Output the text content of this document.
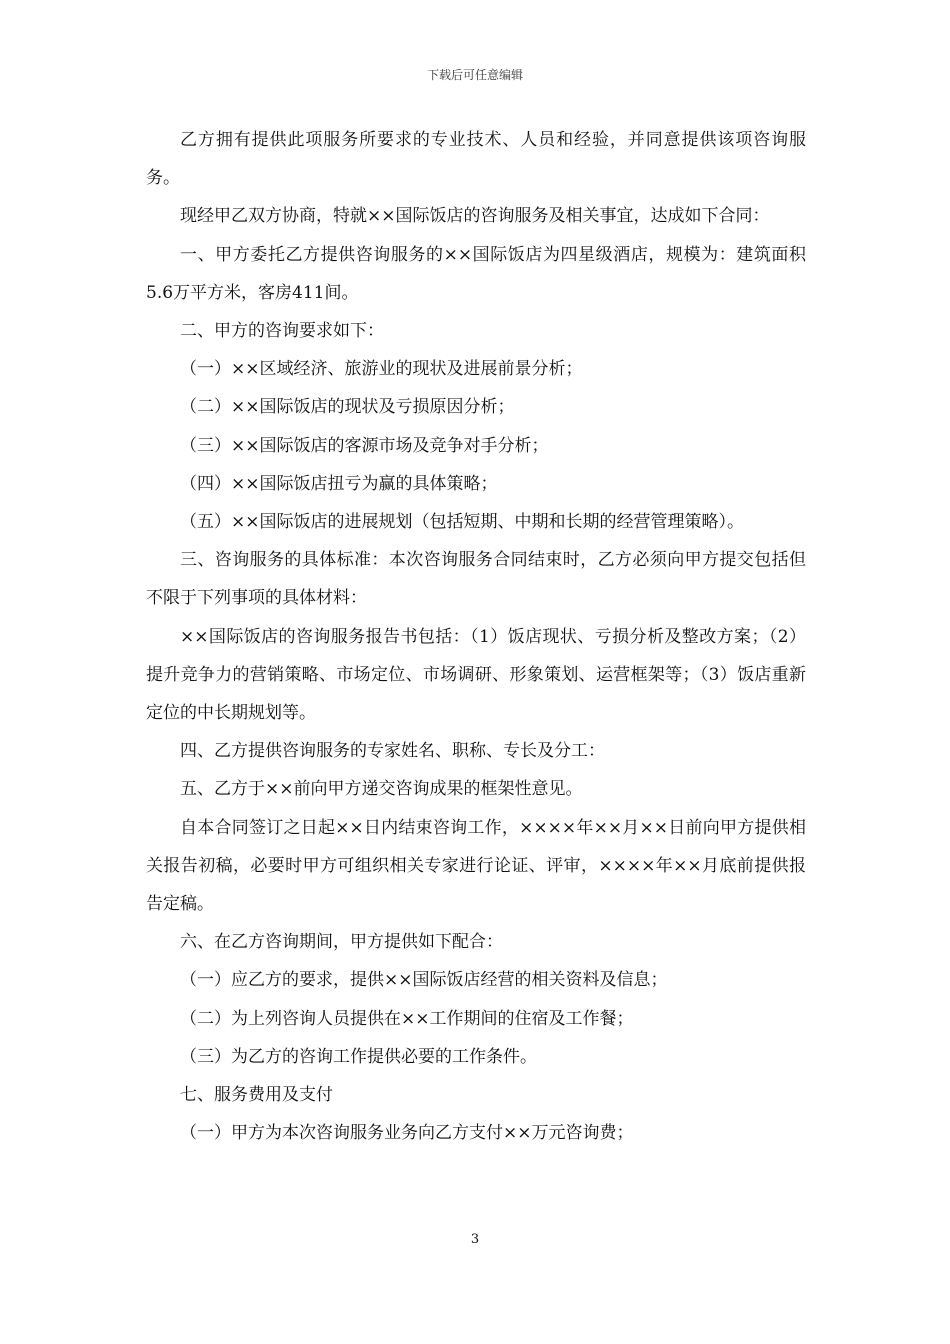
下载后可任意编辑

乙方拥有提供此项服务所要求的专业技术、人员和经验，并同意提供该项咨询服务。

现经甲乙双方协商，特就××国际饭店的咨询服务及相关事宜，达成如下合同：

一、甲方委托乙方提供咨询服务的××国际饭店为四星级酒店，规模为：建筑面积5.6万平方米，客房411间。

二、甲方的咨询要求如下：

（一）××区域经济、旅游业的现状及进展前景分析；

（二）××国际饭店的现状及亏损原因分析；

（三）××国际饭店的客源市场及竞争对手分析；

（四）××国际饭店扭亏为赢的具体策略；

（五）××国际饭店的进展规划（包括短期、中期和长期的经营管理策略）。

三、咨询服务的具体标准：本次咨询服务合同结束时，乙方必须向甲方提交包括但不限于下列事项的具体材料：

××国际饭店的咨询服务报告书包括：（1）饭店现状、亏损分析及整改方案；（2）提升竞争力的营销策略、市场定位、市场调研、形象策划、运营框架等；（3）饭店重新定位的中长期规划等。

四、乙方提供咨询服务的专家姓名、职称、专长及分工：

五、乙方于××前向甲方递交咨询成果的框架性意见。

自本合同签订之日起××日内结束咨询工作，××××年××月××日前向甲方提供相关报告初稿，必要时甲方可组织相关专家进行论证、评审，××××年××月底前提供报告定稿。

六、在乙方咨询期间，甲方提供如下配合：

（一）应乙方的要求，提供××国际饭店经营的相关资料及信息；

（二）为上列咨询人员提供在××工作期间的住宿及工作餐；

（三）为乙方的咨询工作提供必要的工作条件。

七、服务费用及支付

（一）甲方为本次咨询服务业务向乙方支付××万元咨询费；

3
